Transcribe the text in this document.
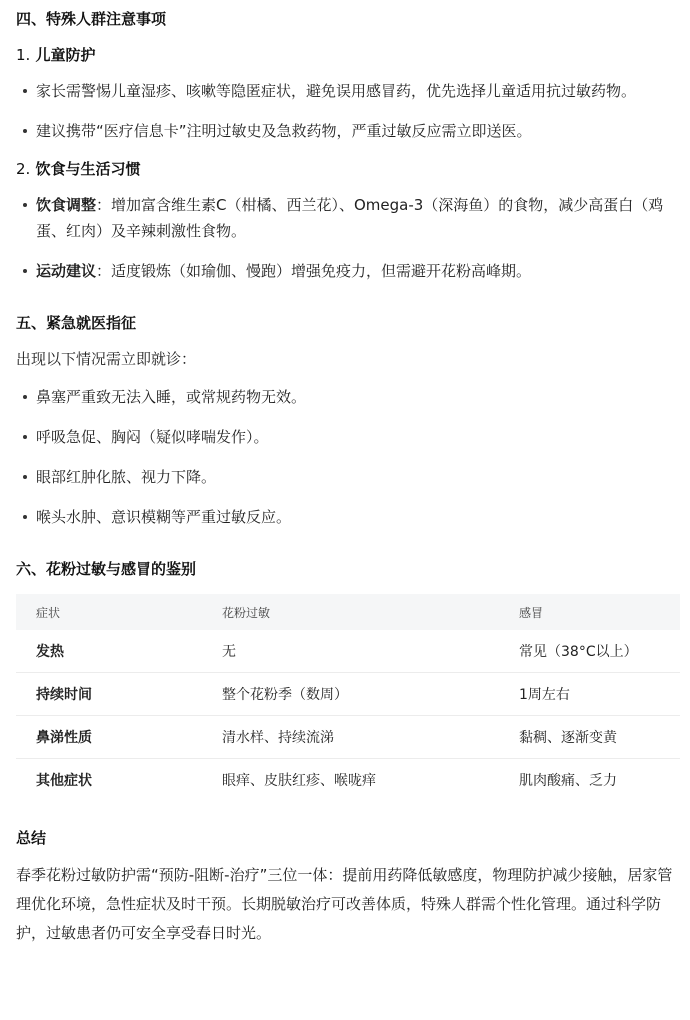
四、特殊人群注意事项
1. 儿童防护
家长需警惕儿童湿疹、咳嗽等隐匿症状，避免误用感冒药，优先选择儿童适用抗过敏药物。
建议携带“医疗信息卡”注明过敏史及急救药物，严重过敏反应需立即送医。
2. 饮食与生活习惯
饮食调整：增加富含维生素C（柑橘、西兰花）、Omega-3（深海鱼）的食物，减少高蛋白（鸡蛋、红肉）及辛辣刺激性食物。
运动建议：适度锻炼（如瑜伽、慢跑）增强免疫力，但需避开花粉高峰期。
五、紧急就医指征

出现以下情况需立即就诊：

鼻塞严重致无法入睡，或常规药物无效。
呼吸急促、胸闷（疑似哮喘发作）。
眼部红肿化脓、视力下降。
喉头水肿、意识模糊等严重过敏反应。
六、花粉过敏与感冒的鉴别
症状	花粉过敏	感冒
发热	无	常见（38°C以上）
持续时间	整个花粉季（数周）	1周左右
鼻涕性质	清水样、持续流涕	黏稠、逐渐变黄
其他症状	眼痒、皮肤红疹、喉咙痒	肌肉酸痛、乏力
总结

春季花粉过敏防护需“预防-阻断-治疗”三位一体：提前用药降低敏感度，物理防护减少接触，居家管理优化环境，急性症状及时干预。长期脱敏治疗可改善体质，特殊人群需个性化管理。通过科学防护，过敏患者仍可安全享受春日时光。
